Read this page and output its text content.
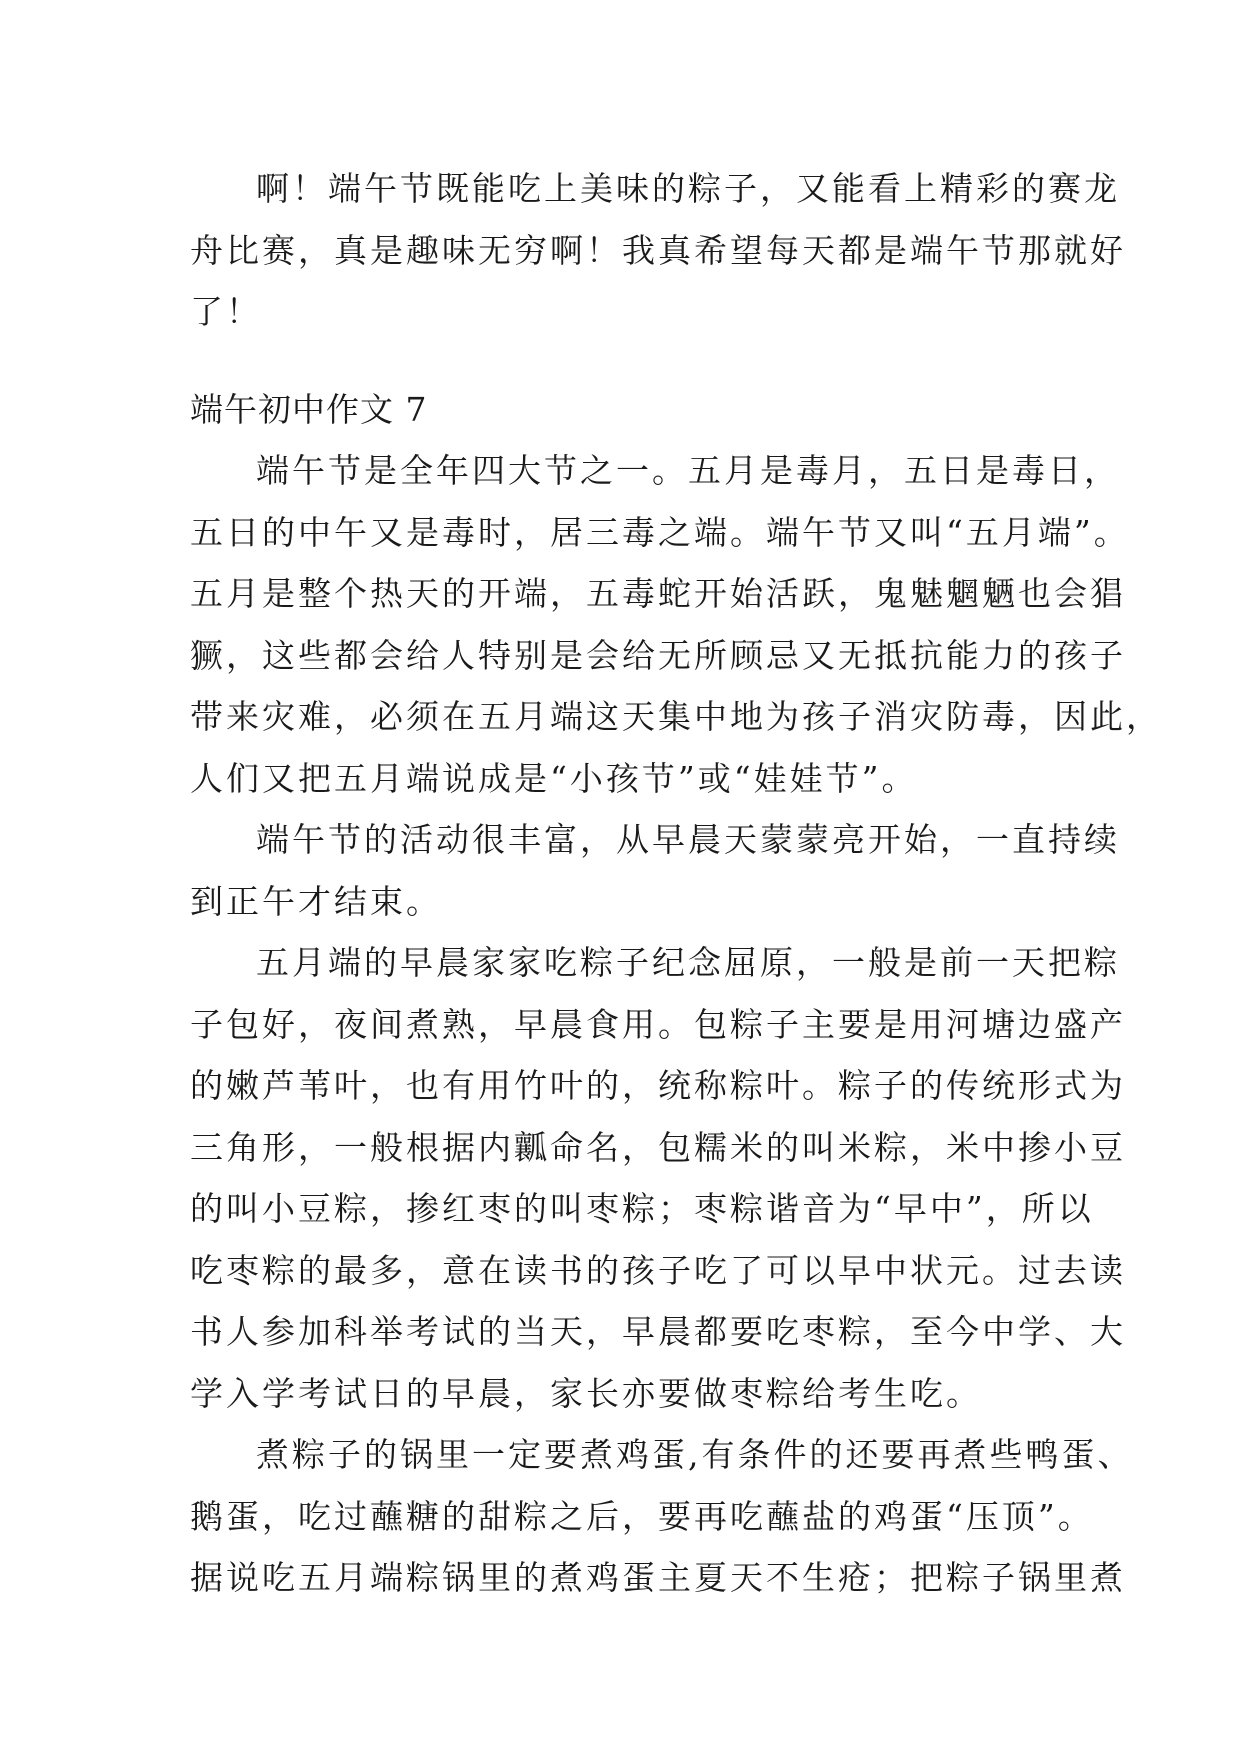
啊！端午节既能吃上美味的粽子，又能看上精彩的赛龙
舟比赛，真是趣味无穷啊！我真希望每天都是端午节那就好
了！
端午初中作文 7
端午节是全年四大节之一。五月是毒月，五日是毒日，
五日的中午又是毒时，居三毒之端。端午节又叫“五月端”。
五月是整个热天的开端，五毒蛇开始活跃，鬼魅魍魉也会猖
獗，这些都会给人特别是会给无所顾忌又无抵抗能力的孩子
带来灾难，必须在五月端这天集中地为孩子消灾防毒，因此，
人们又把五月端说成是“小孩节”或“娃娃节”。
端午节的活动很丰富，从早晨天蒙蒙亮开始，一直持续
到正午才结束。
五月端的早晨家家吃粽子纪念屈原，一般是前一天把粽
子包好，夜间煮熟，早晨食用。包粽子主要是用河塘边盛产
的嫩芦苇叶，也有用竹叶的，统称粽叶。粽子的传统形式为
三角形，一般根据内瓤命名，包糯米的叫米粽，米中掺小豆
的叫小豆粽，掺红枣的叫枣粽；枣粽谐音为“早中”，所以
吃枣粽的最多，意在读书的孩子吃了可以早中状元。过去读
书人参加科举考试的当天，早晨都要吃枣粽，至今中学、大
学入学考试日的早晨，家长亦要做枣粽给考生吃。
煮粽子的锅里一定要煮鸡蛋,有条件的还要再煮些鸭蛋、
鹅蛋，吃过蘸糖的甜粽之后，要再吃蘸盐的鸡蛋“压顶”。
据说吃五月端粽锅里的煮鸡蛋主夏天不生疮；把粽子锅里煮
